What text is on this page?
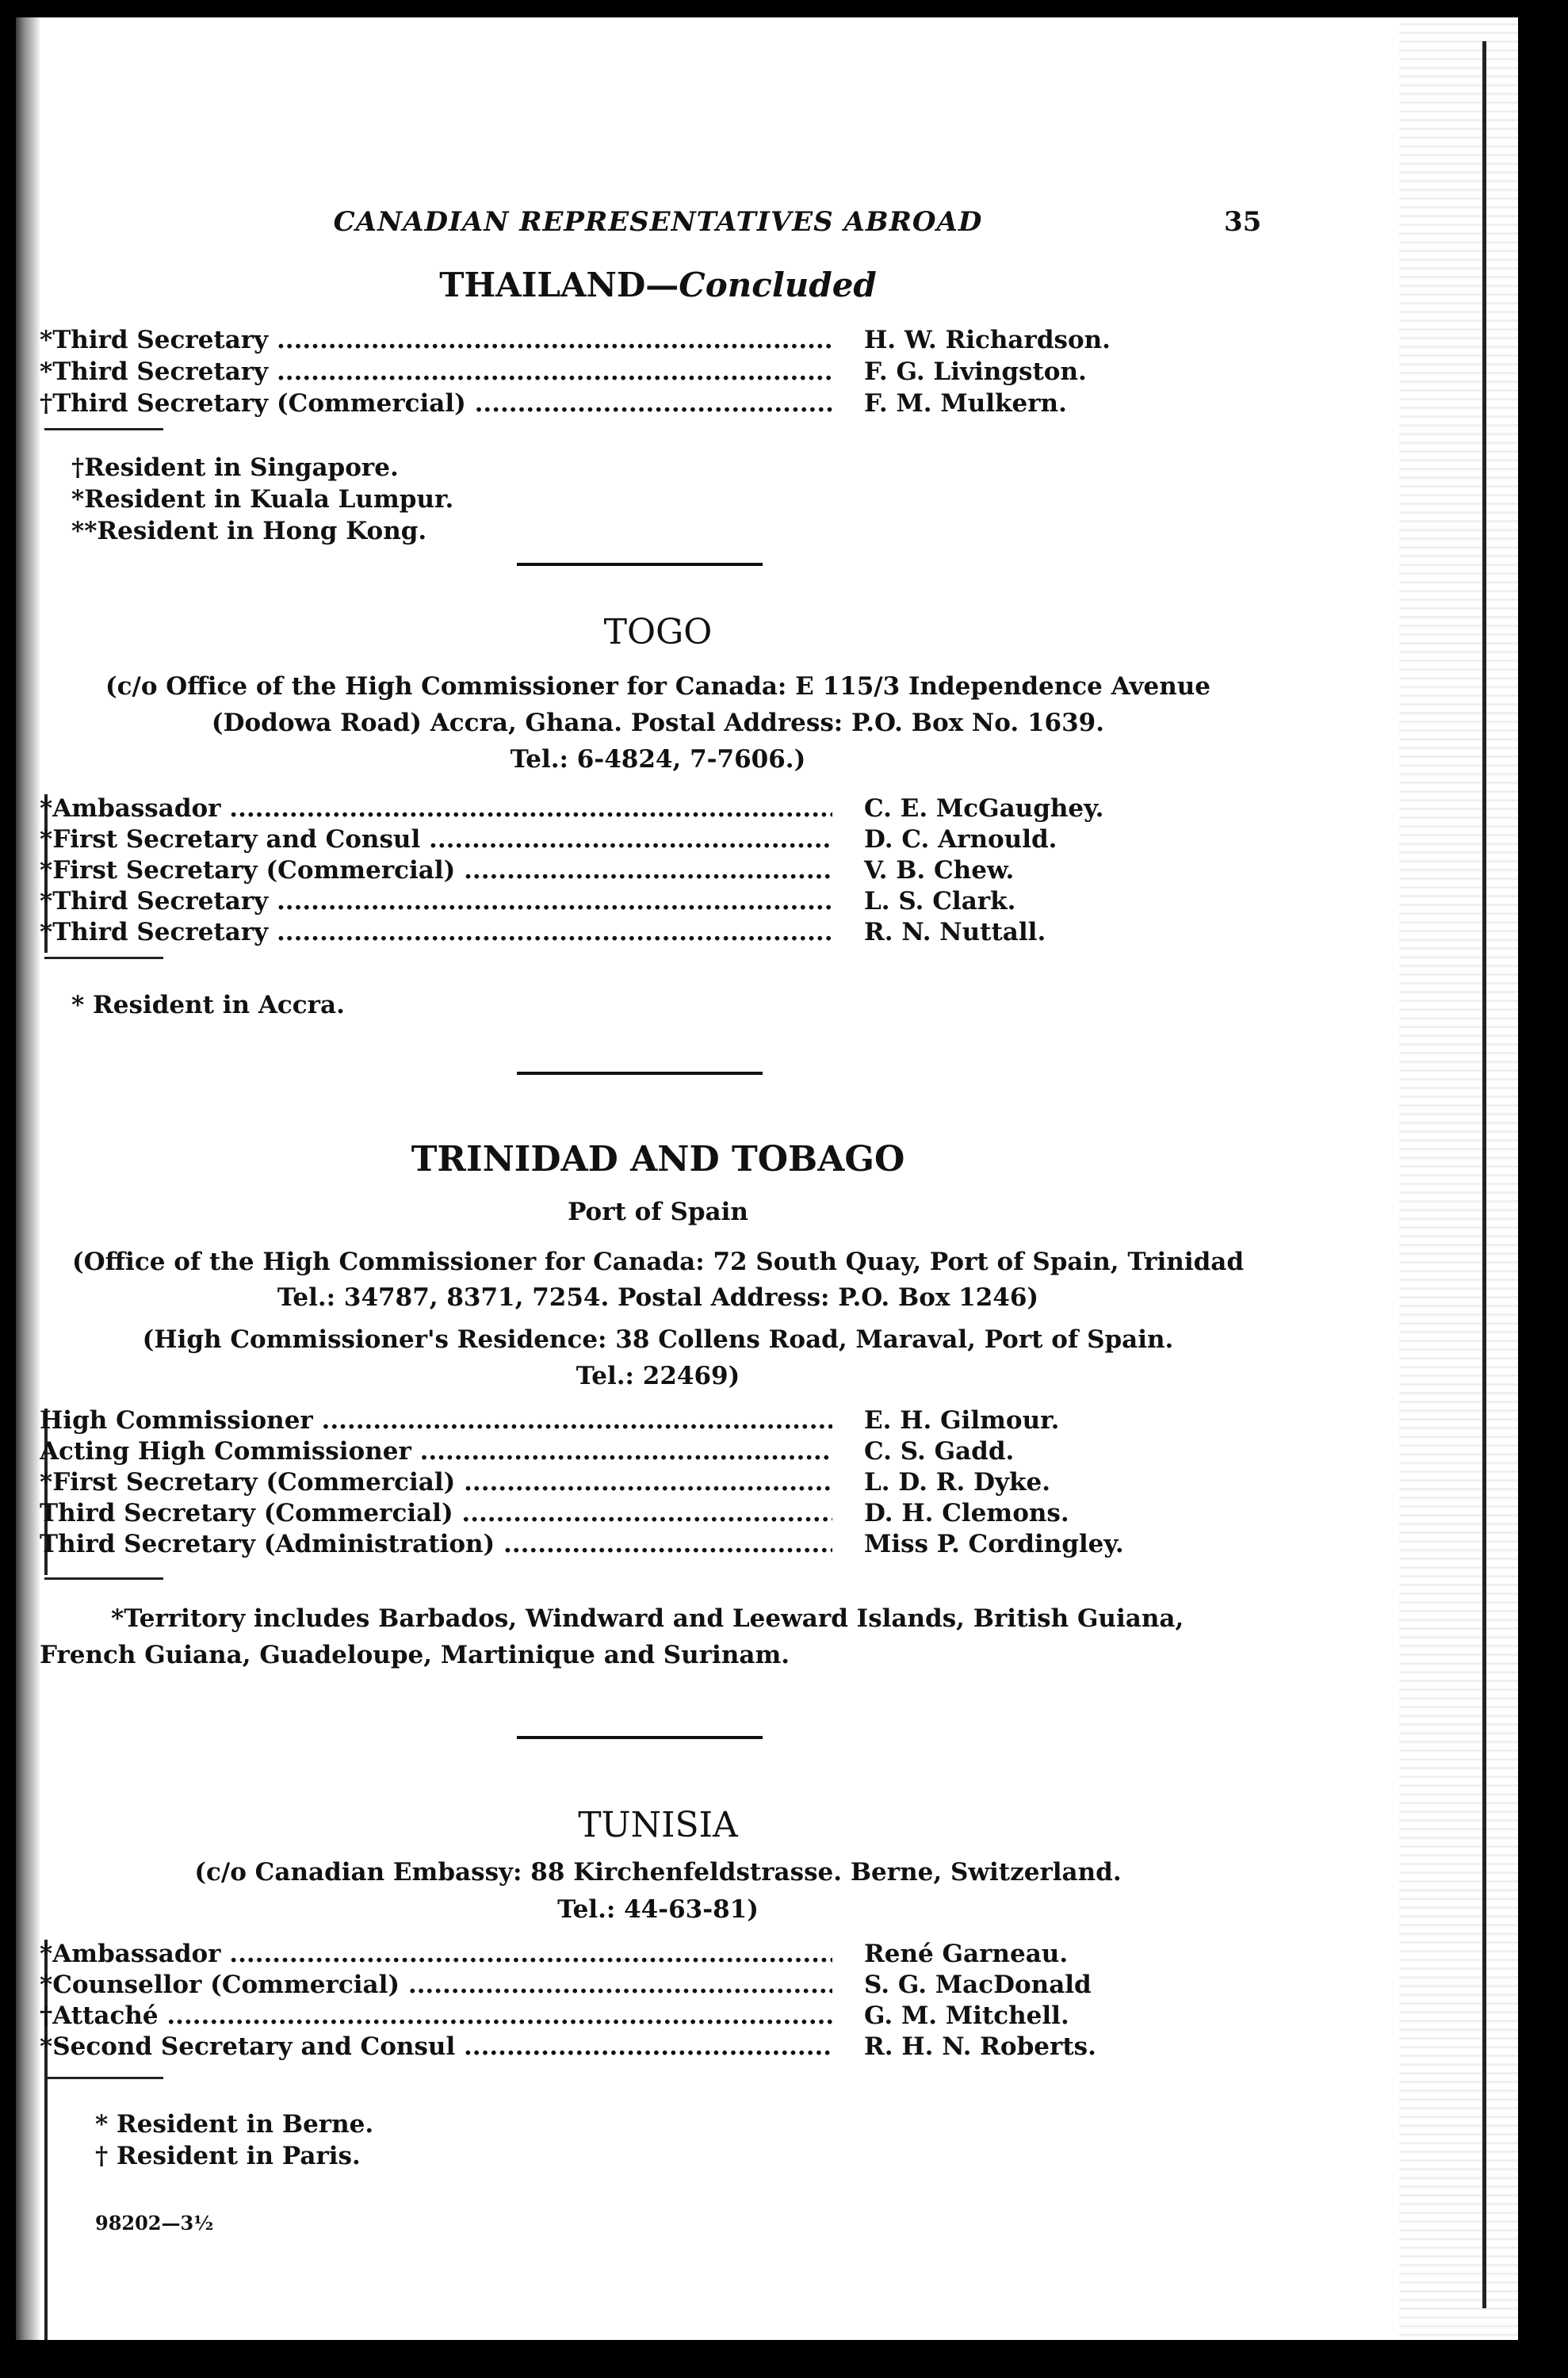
CANADIAN REPRESENTATIVES ABROAD	35
THAILAND—Concluded
*Third Secretary .....	H. W. Richardson.
*Third Secretary .....	F. G. Livingston.
†Third Secretary (Commercial) .....	F. M. Mulkern.
†Resident in Singapore.
*Resident in Kuala Lumpur.
**Resident in Hong Kong.
TOGO
(c/o Office of the High Commissioner for Canada: E 115/3 Independence Avenue
(Dodowa Road) Accra, Ghana. Postal Address: P.O. Box No. 1639.
Tel.: 6-4824, 7-7606.)
*Ambassador .....	C. E. McGaughey.
*First Secretary and Consul .....	D. C. Arnould.
*First Secretary (Commercial) .....	V. B. Chew.
*Third Secretary .....	L. S. Clark.
*Third Secretary .....	R. N. Nuttall.
* Resident in Accra.
TRINIDAD AND TOBAGO
Port of Spain
(Office of the High Commissioner for Canada: 72 South Quay, Port of Spain, Trinidad
Tel.: 34787, 8371, 7254. Postal Address: P.O. Box 1246)
(High Commissioner's Residence: 38 Collens Road, Maraval, Port of Spain.
Tel.: 22469)
High Commissioner .....	E. H. Gilmour.
Acting High Commissioner .....	C. S. Gadd.
*First Secretary (Commercial) .....	L. D. R. Dyke.
Third Secretary (Commercial) .....	D. H. Clemons.
Third Secretary (Administration) .....	Miss P. Cordingley.
*Territory includes Barbados, Windward and Leeward Islands, British Guiana, French Guiana, Guadeloupe, Martinique and Surinam.
TUNISIA
(c/o Canadian Embassy: 88 Kirchenfeldstrasse. Berne, Switzerland.
Tel.: 44-63-81)
*Ambassador .....	René Garneau.
*Counsellor (Commercial) .....	S. G. MacDonald
†Attaché .....	G. M. Mitchell.
*Second Secretary and Consul .....	R. H. N. Roberts.
* Resident in Berne.
† Resident in Paris.
98202—3½
